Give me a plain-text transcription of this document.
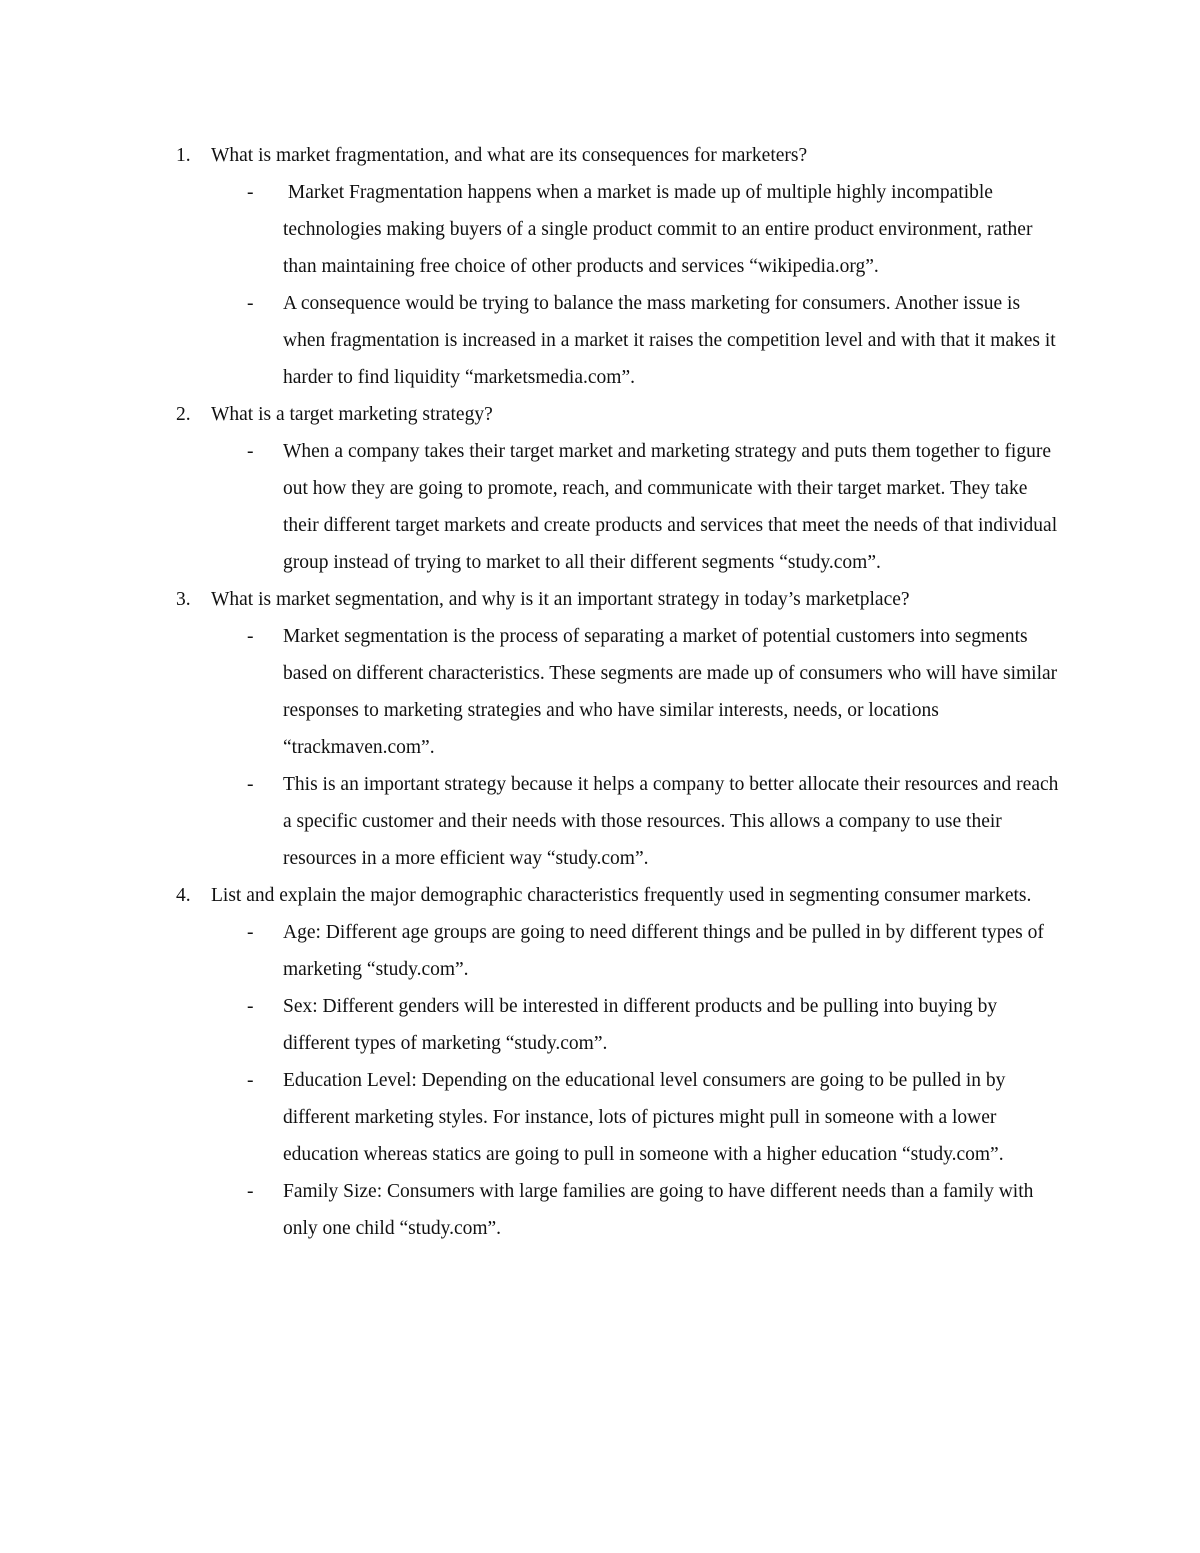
1. What is market fragmentation, and what are its consequences for marketers?

- Market Fragmentation happens when a market is made up of multiple highly incompatible technologies making buyers of a single product commit to an entire product environment, rather than maintaining free choice of other products and services “wikipedia.org”.

- A consequence would be trying to balance the mass marketing for consumers. Another issue is when fragmentation is increased in a market it raises the competition level and with that it makes it harder to find liquidity “marketsmedia.com”.

2. What is a target marketing strategy?

- When a company takes their target market and marketing strategy and puts them together to figure out how they are going to promote, reach, and communicate with their target market. They take their different target markets and create products and services that meet the needs of that individual group instead of trying to market to all their different segments “study.com”.

3. What is market segmentation, and why is it an important strategy in today’s marketplace?

- Market segmentation is the process of separating a market of potential customers into segments based on different characteristics. These segments are made up of consumers who will have similar responses to marketing strategies and who have similar interests, needs, or locations “trackmaven.com”.

- This is an important strategy because it helps a company to better allocate their resources and reach a specific customer and their needs with those resources. This allows a company to use their resources in a more efficient way “study.com”.

4. List and explain the major demographic characteristics frequently used in segmenting consumer markets.

- Age: Different age groups are going to need different things and be pulled in by different types of marketing “study.com”.

- Sex: Different genders will be interested in different products and be pulling into buying by different types of marketing “study.com”.

- Education Level: Depending on the educational level consumers are going to be pulled in by different marketing styles. For instance, lots of pictures might pull in someone with a lower education whereas statics are going to pull in someone with a higher education “study.com”.

- Family Size: Consumers with large families are going to have different needs than a family with only one child “study.com”.
